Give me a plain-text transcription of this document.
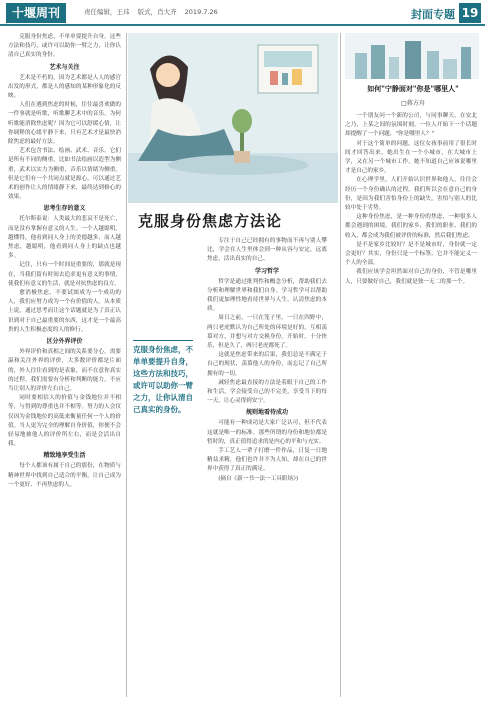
十堰周刊	责任编辑，王玮 版式，肖大齐 2019.7.26	封面专题 19

克服身份焦虑，不单单要提升自身，这些方法和技巧，或许可以助你一臂之力，让你认清自己真实的身份。

艺术与关注

艺术是不朽的，因为艺术都是人人的感官出发的形式，都是人的感知的某种形象化的反映。

人们在遇到焦虑的时候，往往最喜欢做的一件事就是听歌，听歌聊艺术中的音乐，为何听歌能消除焦虑呢？因为它可以舒缓心情，让你调释的心绪平静下来，只有艺术才是最快消除焦虑的最好方法。

艺术包含书法、绘画、武术、音乐，它们是所有不同的侧重，比如书法绘画以造型为侧重，武术以实力为侧重，音乐以情绪为侧重。但是它们有一个共同点就是源心，可以通过艺术的创作让人的情绪静下来，最终达到修心的效果。

思考生存的意义

托尔斯泰说：人类最大的悲哀不是死亡，而是没有掌握有意义的人生。一个人越聪明，越懂得，他看到同人身上的美德越多，而人越焦虑，越聪明，他看到同人身上的缺点也越多。

记住，只有一个时间是重要的，那就是现在，当我们留有时间去追求更有意义的事情，使我们有意义的生活，就是对抗焦虑的良方。

愈消极焦虑，不要试图成为一个成功的人，我们应努力成为一个有价值的人。从本质上说，通过思考而让这个话题就是为了真正认识到对于自己最重要的东西，这才是一个最高贵的人生积极态度的人的修行。

区分外界评价

外界评价和真相之间的关系要分心，需要温和关注外界的评价，大多数评价都是片面的，外人往往看到的是表象，而不在意你真实的过程。我们需要有分析和判断的能力，不应当让别人的评价左右自己。

同时要相信人的价值与金钱地位并不相等，与得到的尊重也并不相等。努力的人会仅仅因为金钱地位的高低来衡量任何一个人的价值。当人更为完全的理解自身价值，你便不会轻易地被他人的评价所左右，而是会活出自我。

精致地享受生活

每个人都该有属于自己的那份，在物质与精神世界中找到自己适合的平衡，让自己成为一个更好、不再焦虑的人。

克服身份焦虑方法论
克服身份焦虑，不单单要提升自身，这些方法和技巧，或许可以助你一臂之力，让你认清自己真实的身份。

专注于自己已经拥有的事物而不再与别人攀比，学会在人生里体会到一种从容与安定，远离焦虑，活出真实的自己。

学习哲学

哲学是通过批判性和概念分析，帮助我们去分析和理解世界和我们自身。学习哲学可以帮助我们更加理性地看待世界与人生，认清焦虑的本质。

周日之前，一只在笼子里、一只在四野中，两只老虎默认为自己所处的环境是好的，互相羡慕对方，并想与对方交换身份。开始时，十分快乐，但是久了，两只老虎都死了。

这就是焦虑带来的后果，我们总是不满足于自己的现状，羡慕他人的身份，而忘记了自己所拥有的一切。

减轻焦虑最直接的方法是着眼于自己的工作和生活，学会接受自己的不完美，享受当下的每一天，让心灵得到安宁。

规则地看待成功

可能有一种成功是大家广泛认可，但不代表这就是唯一的标准。那些所谓的身份和地位都是暂时的，真正值得追求的是内心的平和与充实。

手工艺人一辈子打磨一件作品，日复一日地精益求精，他们也许并不为人知，却在自己的世界中获得了真正的满足。

(摘自《新一书一法一工具职场》)

如何"宁静面对"你是"哪里人"
□蒋方舟

一个朋友问一个新的公司，与同事聊天，在安北之乃，上某之间的氛围时刻，一位人开始下一个话题却提醒了一个问题，"你是哪里人？"

对于这个简单的问题，这位女孩事前用了很长时间才回答出来，她出生在一个小城市，在大城市上学，又在另一个城市工作，她不知道自己应该说哪里才是自己的家乡。

在心理学里，人们开始认识世界和他人，往往会经历一个身份确认的过程。我们所以会在意自己的身份，是因为我们害怕身份上的缺失，害怕与别人的比较中处于劣势。

这种身份焦虑，是一种身份的焦虑，一种很多人都会遇到的困境。我们的家乡、我们的职业、我们的收入，都会成为我们被评价的标准，然后我们焦虑。

是不是家乡比较好？是不是城市好，身份就一定会更好？其实，身份只是一个标签，它并不能定义一个人的全部。

我们应该学会坦然面对自己的身份，不管是哪里人，只要做好自己，我们就是独一无二的那一个。
